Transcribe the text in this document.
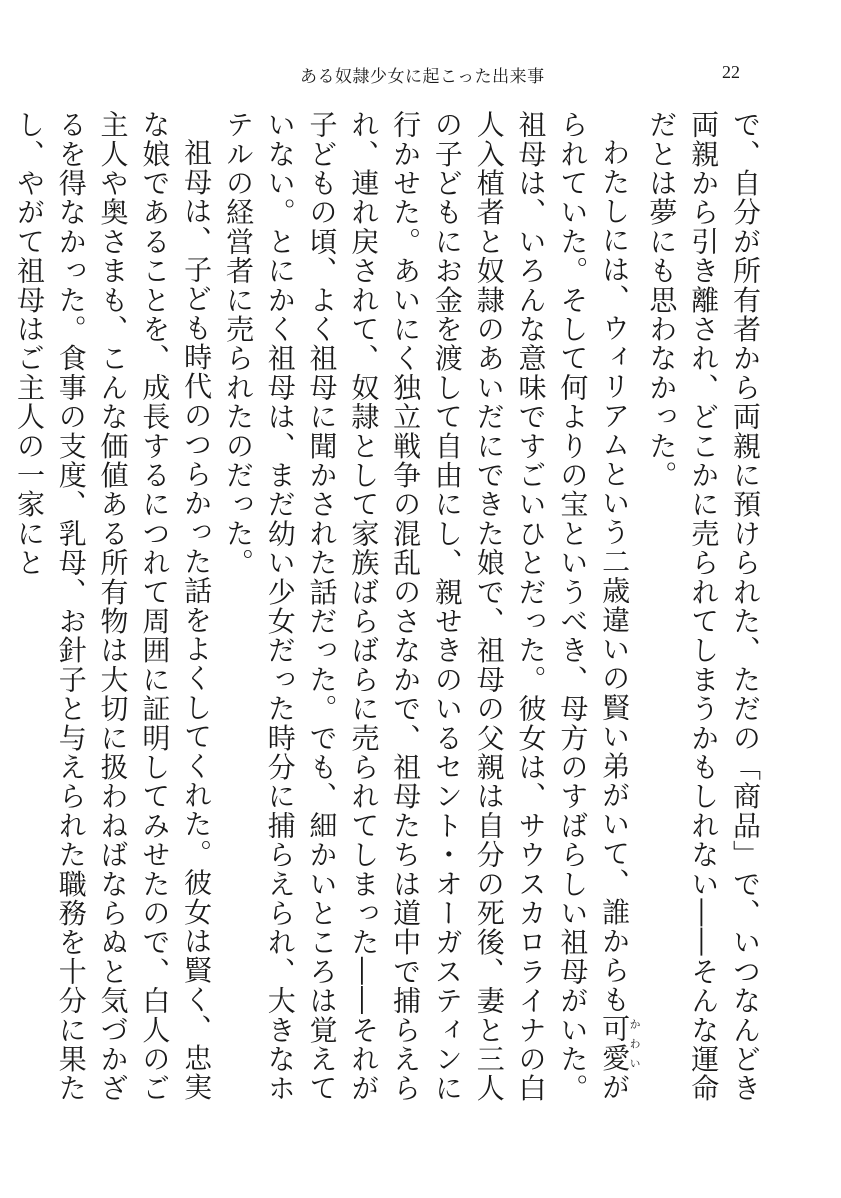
ある奴隷少女に起こった出来事	22

で、自分が所有者から両親に預けられた、ただの「商品」で、いつなんどき両親から引き離され、どこかに売られてしまうかもしれない――そんな運命だとは夢にも思わなかった。

わたしには、ウィリアムという二歳違いの賢い弟がいて、誰からも可愛かわいがられていた。そして何よりの宝というべき、母方のすばらしい祖母がいた。祖母は、いろんな意味ですごいひとだった。彼女は、サウスカロライナの白人入植者と奴隷のあいだにできた娘で、祖母の父親は自分の死後、妻と三人の子どもにお金を渡して自由にし、親せきのいるセント・オーガスティンに行かせた。あいにく独立戦争の混乱のさなかで、祖母たちは道中で捕らえられ、連れ戻されて、奴隷として家族ばらばらに売られてしまった――それが子どもの頃、よく祖母に聞かされた話だった。でも、細かいところは覚えていない。とにかく祖母は、まだ幼い少女だった時分に捕らえられ、大きなホテルの経営者に売られたのだった。

祖母は、子ども時代のつらかった話をよくしてくれた。彼女は賢く、忠実な娘であることを、成長するにつれて周囲に証明してみせたので、白人のご主人や奥さまも、こんな価値ある所有物は大切に扱わねばならぬと気づかざるを得なかった。食事の支度、乳母、お針子と与えられた職務を十分に果たし、やがて祖母はご主人の一家にと
